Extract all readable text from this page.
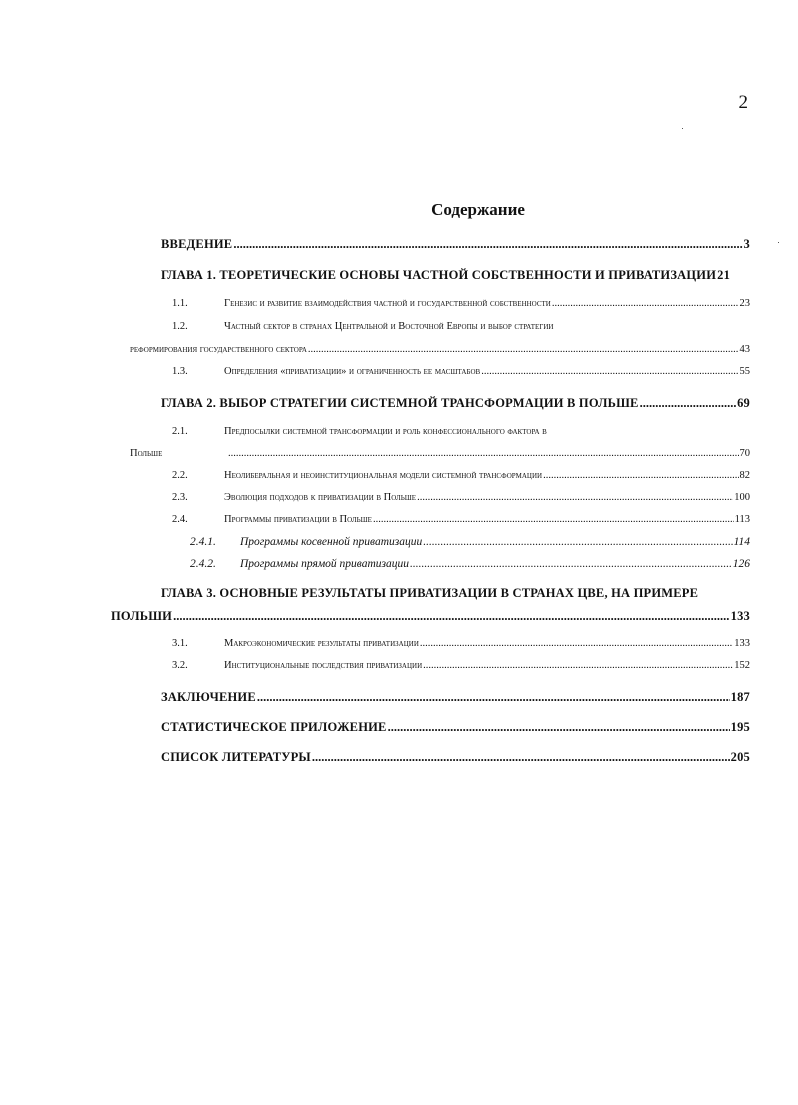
2
Содержание
ВВЕДЕНИЕ .....	3
ГЛАВА 1. ТЕОРЕТИЧЕСКИЕ ОСНОВЫ ЧАСТНОЙ СОБСТВЕННОСТИ И ПРИВАТИЗАЦИИ 21
1.1.	Генезис и развитие взаимодействия частной и государственной собственности .....	23
1.2.	Частный сектор в странах Центральной и Восточной Европы и выбор стратегии
реформирования государственного сектора .....	43
1.3.	Определения «приватизации» и ограниченность ее масштабов .....	55
ГЛАВА 2. ВЫБОР СТРАТЕГИИ СИСТЕМНОЙ ТРАНСФОРМАЦИИ В ПОЛЬШЕ .....	69
2.1.	Предпосылки системной трансформации и роль конфессионального фактора в
Польше .....	70
2.2.	Неолиберальная и неоинституциональная модели системной трансформации .....	82
2.3.	Эволюция подходов к приватизации в Польше .....	100
2.4.	Программы приватизации в Польше .....	113
2.4.1. Программы косвенной приватизации .....	114
2.4.2. Программы прямой приватизации .....	126
ГЛАВА 3. ОСНОВНЫЕ РЕЗУЛЬТАТЫ ПРИВАТИЗАЦИИ В СТРАНАХ ЦВЕ, НА ПРИМЕРЕ
ПОЛЬШИ .....	133
3.1.	Макроэкономические результаты приватизации .....	133
3.2.	Институциональные последствия приватизации .....	152
ЗАКЛЮЧЕНИЕ .....	187
СТАТИСТИЧЕСКОЕ ПРИЛОЖЕНИЕ .....	195
СПИСОК ЛИТЕРАТУРЫ .....	205
